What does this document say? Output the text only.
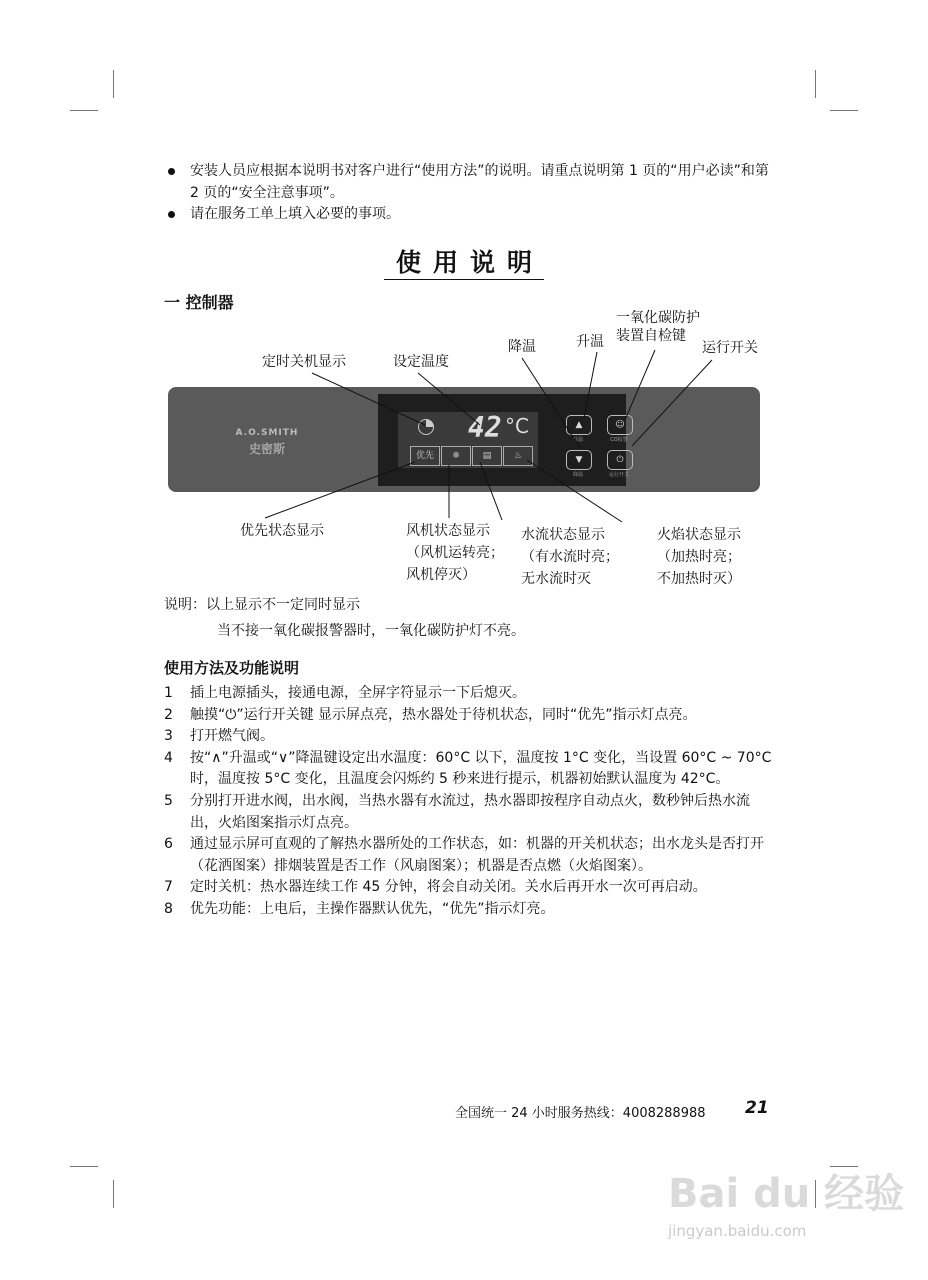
安装人员应根据本说明书对客户进行“使用方法”的说明。请重点说明第 1 页的“用户必读”和第 2 页的“安全注意事项”。
请在服务工单上填入必要的事项。
使用说明
一 控制器
A.O.SMITH
史密斯
42 °C
优先	❄	▤	♨
▲
升温
☺
CO报警
▼
降温
⏻
运行开关
定时关机显示	设定温度
降温	升温
一氧化碳防护
装置自检键
运行开关
优先状态显示	风机状态显示
（风机运转亮；
风机停灭）
水流状态显示
（有水流时亮；
无水流时灭
火焰状态显示
（加热时亮；
不加热时灭）
说明：以上显示不一定同时显示
当不接一氧化碳报警器时，一氧化碳防护灯不亮。
使用方法及功能说明
1 插上电源插头，接通电源，全屏字符显示一下后熄灭。
2 触摸“⏻”运行开关键 显示屏点亮，热水器处于待机状态，同时“优先”指示灯点亮。
3 打开燃气阀。
4 按“∧”升温或“∨”降温键设定出水温度：60°C 以下，温度按 1°C 变化，当设置 60°C ~ 70°C 时，温度按 5°C 变化，且温度会闪烁约 5 秒来进行提示，机器初始默认温度为 42°C。
5 分别打开进水阀，出水阀，当热水器有水流过，热水器即按程序自动点火，数秒钟后热水流出，火焰图案指示灯点亮。
6 通过显示屏可直观的了解热水器所处的工作状态，如：机器的开关机状态；出水龙头是否打开（花洒图案）排烟装置是否工作（风扇图案）；机器是否点燃（火焰图案）。
7 定时关机：热水器连续工作 45 分钟，将会自动关闭。关水后再开水一次可再启动。
8 优先功能：上电后，主操作器默认优先，“优先”指示灯亮。
全国统一 24 小时服务热线：4008288988 21
Bai du 经验
jingyan.baidu.com
